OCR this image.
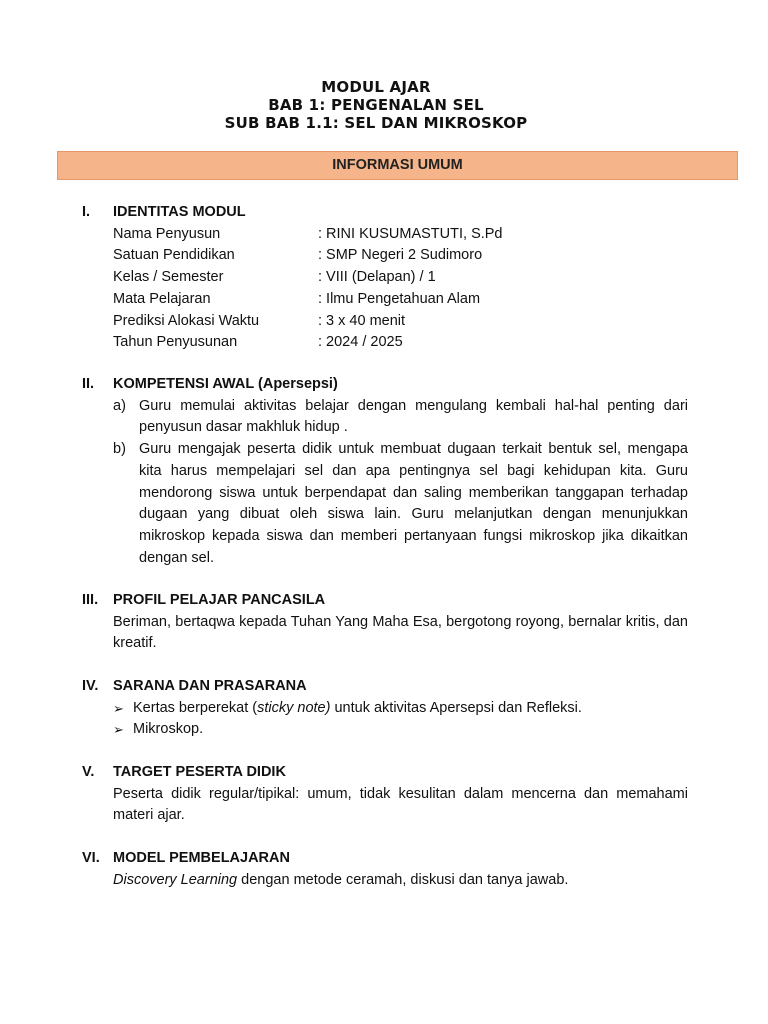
MODUL AJAR
BAB 1: PENGENALAN SEL
SUB BAB 1.1: SEL DAN MIKROSKOP
INFORMASI UMUM
I.	IDENTITAS MODUL
Nama Penyusun	: RINI KUSUMASTUTI, S.Pd
Satuan Pendidikan	: SMP Negeri 2 Sudimoro
Kelas / Semester	: VIII (Delapan) / 1
Mata Pelajaran	: Ilmu Pengetahuan Alam
Prediksi Alokasi Waktu	: 3 x 40 menit
Tahun Penyusunan	: 2024 / 2025
II.	KOMPETENSI AWAL (Apersepsi)
a) Guru memulai aktivitas belajar dengan mengulang kembali hal-hal penting dari penyusun dasar makhluk hidup .
b) Guru mengajak peserta didik untuk membuat dugaan terkait bentuk sel, mengapa kita harus mempelajari sel dan apa pentingnya sel bagi kehidupan kita. Guru mendorong siswa untuk berpendapat dan saling memberikan tanggapan terhadap dugaan yang dibuat oleh siswa lain. Guru melanjutkan dengan menunjukkan mikroskop kepada siswa dan memberi pertanyaan fungsi mikroskop jika dikaitkan dengan sel.
III.	PROFIL PELAJAR PANCASILA
Beriman, bertaqwa kepada Tuhan Yang Maha Esa, bergotong royong, bernalar kritis, dan kreatif.
IV.	SARANA DAN PRASARANA
➢ Kertas berperekat (sticky note) untuk aktivitas Apersepsi dan Refleksi.
➢ Mikroskop.
V.	TARGET PESERTA DIDIK
Peserta didik regular/tipikal: umum, tidak kesulitan dalam mencerna dan memahami materi ajar.
VI. MODEL PEMBELAJARAN
Discovery Learning dengan metode ceramah, diskusi dan tanya jawab.
